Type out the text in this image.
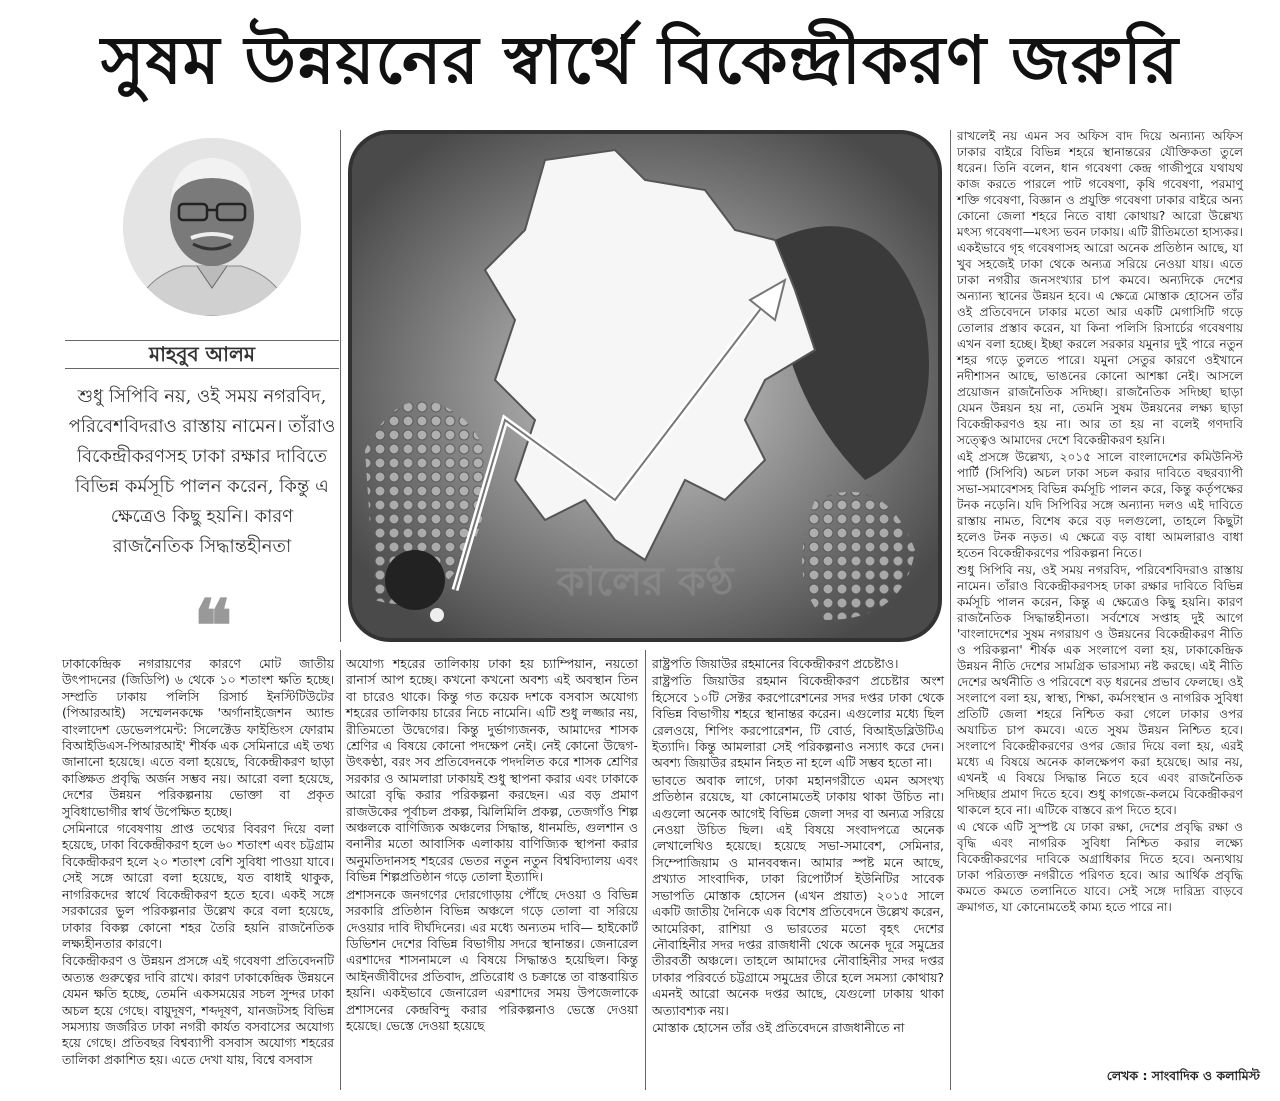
সুষম উন্নয়নের স্বার্থে বিকেন্দ্রীকরণ জরুরি
মাহবুব আলম
শুধু সিপিবি নয়, ওই সময় নগরবিদ, পরিবেশবিদরাও রাস্তায় নামেন। তাঁরাও বিকেন্দ্রীকরণসহ ঢাকা রক্ষার দাবিতে বিভিন্ন কর্মসূচি পালন করেন, কিন্তু এ ক্ষেত্রেও কিছু হয়নি। কারণ রাজনৈতিক সিদ্ধান্তহীনতা
❝
কালের কণ্ঠ

ঢাকাকেন্দ্রিক নগরায়ণের কারণে মোট জাতীয় উৎপাদনের (জিডিপি) ৬ থেকে ১০ শতাংশ ক্ষতি হচ্ছে। সম্প্রতি ঢাকায় পলিসি রিসার্চ ইনস্টিটিউটের (পিআরআই) সম্মেলনকক্ষে 'অর্গানাইজেশন অ্যান্ড বাংলাদেশ ডেভেলপমেন্ট: সিলেক্টেড ফাইন্ডিংস ফোরাম বিআইডিএস-পিআরআই' শীর্ষক এক সেমিনারে এই তথ্য জানানো হয়েছে। এতে বলা হয়েছে, বিকেন্দ্রীকরণ ছাড়া কাঙ্ক্ষিত প্রবৃদ্ধি অর্জন সম্ভব নয়। আরো বলা হয়েছে, দেশের উন্নয়ন পরিকল্পনায় ভোক্তা বা প্রকৃত সুবিধাভোগীর স্বার্থ উপেক্ষিত হচ্ছে।

সেমিনারে গবেষণায় প্রাপ্ত তথ্যের বিবরণ দিয়ে বলা হয়েছে, ঢাকা বিকেন্দ্রীকরণ হলে ৬০ শতাংশ এবং চট্টগ্রাম বিকেন্দ্রীকরণ হলে ২০ শতাংশ বেশি সুবিধা পাওয়া যাবে। সেই সঙ্গে আরো বলা হয়েছে, যত বাধাই থাকুক, নাগরিকদের স্বার্থে বিকেন্দ্রীকরণ হতে হবে। একই সঙ্গে সরকারের ভুল পরিকল্পনার উল্লেখ করে বলা হয়েছে, ঢাকার বিকল্প কোনো শহর তৈরি হয়নি রাজনৈতিক লক্ষ্যহীনতার কারণে।

বিকেন্দ্রীকরণ ও উন্নয়ন প্রসঙ্গে এই গবেষণা প্রতিবেদনটি অত্যন্ত গুরুত্বের দাবি রাখে। কারণ ঢাকাকেন্দ্রিক উন্নয়নে যেমন ক্ষতি হচ্ছে, তেমনি একসময়ের সচল সুন্দর ঢাকা অচল হয়ে গেছে। বায়ুদূষণ, শব্দদূষণ, যানজটসহ বিভিন্ন সমস্যায় জর্জরিত ঢাকা নগরী কার্যত বসবাসের অযোগ্য হয়ে গেছে। প্রতিবছর বিশ্বব্যাপী বসবাস অযোগ্য শহরের তালিকা প্রকাশিত হয়। এতে দেখা যায়, বিশ্বে বসবাস

অযোগ্য শহরের তালিকায় ঢাকা হয় চ্যাম্পিয়ান, নয়তো রানার্স আপ হচ্ছে। কখনো কখনো অবশ্য এই অবস্থান তিন বা চারেও থাকে। কিন্তু গত কয়েক দশকে বসবাস অযোগ্য শহরের তালিকায় চারের নিচে নামেনি। এটি শুধু লজ্জার নয়, রীতিমতো উদ্বেগের। কিন্তু দুর্ভাগ্যজনক, আমাদের শাসক শ্রেণির এ বিষয়ে কোনো পদক্ষেপ নেই। নেই কোনো উদ্বেগ-উৎকণ্ঠা, বরং সব প্রতিবেদনকে পদদলিত করে শাসক শ্রেণির সরকার ও আমলারা ঢাকায়ই শুধু স্থাপনা করার এবং ঢাকাকে আরো বৃদ্ধি করার পরিকল্পনা করছেন। এর বড় প্রমাণ রাজউকের পূর্বাচল প্রকল্প, ঝিলিমিলি প্রকল্প, তেজগাঁও শিল্প অঞ্চলকে বাণিজ্যিক অঞ্চলের সিদ্ধান্ত, ধানমন্ডি, গুলশান ও বনানীর মতো আবাসিক এলাকায় বাণিজ্যিক স্থাপনা করার অনুমতিদানসহ শহরের ভেতর নতুন নতুন বিশ্ববিদ্যালয় এবং বিভিন্ন শিল্পপ্রতিষ্ঠান গড়ে তোলা ইত্যাদি।

প্রশাসনকে জনগণের দোরগোড়ায় পৌঁছে দেওয়া ও বিভিন্ন সরকারি প্রতিষ্ঠান বিভিন্ন অঞ্চলে গড়ে তোলা বা সরিয়ে দেওয়ার দাবি দীর্ঘদিনের। এর মধ্যে অন্যতম দাবি— হাইকোর্ট ডিভিশন দেশের বিভিন্ন বিভাগীয় সদরে স্থানান্তর। জেনারেল এরশাদের শাসনামলে এ বিষয়ে সিদ্ধান্তও হয়েছিল। কিন্তু আইনজীবীদের প্রতিবাদ, প্রতিরোধ ও চক্রান্তে তা বাস্তবায়িত হয়নি। একইভাবে জেনারেল এরশাদের সময় উপজেলাকে প্রশাসনের কেন্দ্রবিন্দু করার পরিকল্পনাও ভেস্তে দেওয়া হয়েছে। ভেস্তে দেওয়া হয়েছে

রাষ্ট্রপতি জিয়াউর রহমানের বিকেন্দ্রীকরণ প্রচেষ্টাও।

রাষ্ট্রপতি জিয়াউর রহমান বিকেন্দ্রীকরণ প্রচেষ্টার অংশ হিসেবে ১০টি সেক্টর করপোরেশনের সদর দপ্তর ঢাকা থেকে বিভিন্ন বিভাগীয় শহরে স্থানান্তর করেন। এগুলোর মধ্যে ছিল রেলওয়ে, শিপিং করপোরেশন, টি বোর্ড, বিআইডব্লিউটিএ ইত্যাদি। কিন্তু আমলারা সেই পরিকল্পনাও নস্যাৎ করে দেন। অবশ্য জিয়াউর রহমান নিহত না হলে এটি সম্ভব হতো না।

ভাবতে অবাক লাগে, ঢাকা মহানগরীতে এমন অসংখ্য প্রতিষ্ঠান রয়েছে, যা কোনোমতেই ঢাকায় থাকা উচিত না। এগুলো অনেক আগেই বিভিন্ন জেলা সদর বা অন্যত্র সরিয়ে নেওয়া উচিত ছিল। এই বিষয়ে সংবাদপত্রে অনেক লেখালেখিও হয়েছে। হয়েছে সভা-সমাবেশ, সেমিনার, সিম্পোজিয়াম ও মানববন্ধন। আমার স্পষ্ট মনে আছে, প্রখ্যাত সাংবাদিক, ঢাকা রিপোর্টার্স ইউনিটির সাবেক সভাপতি মোস্তাক হোসেন (এখন প্রয়াত) ২০১৫ সালে একটি জাতীয় দৈনিকে এক বিশেষ প্রতিবেদনে উল্লেখ করেন, আমেরিকা, রাশিয়া ও ভারতের মতো বৃহৎ দেশের নৌবাহিনীর সদর দপ্তর রাজধানী থেকে অনেক দূরে সমুদ্রের তীরবর্তী অঞ্চলে। তাহলে আমাদের নৌবাহিনীর সদর দপ্তর ঢাকার পরিবর্তে চট্টগ্রামে সমুদ্রের তীরে হলে সমস্যা কোথায়? এমনই আরো অনেক দপ্তর আছে, যেগুলো ঢাকায় থাকা অত্যাবশ্যক নয়।

মোস্তাক হোসেন তাঁর ওই প্রতিবেদনে রাজধানীতে না

রাখলেই নয় এমন সব অফিস বাদ দিয়ে অন্যান্য অফিস ঢাকার বাইরে বিভিন্ন শহরে স্থানান্তরের যৌক্তিকতা তুলে ধরেন। তিনি বলেন, ধান গবেষণা কেন্দ্র গাজীপুরে যথাযথ কাজ করতে পারলে পাট গবেষণা, কৃষি গবেষণা, পরমাণু শক্তি গবেষণা, বিজ্ঞান ও প্রযুক্তি গবেষণা ঢাকার বাইরে অন্য কোনো জেলা শহরে নিতে বাধা কোথায়? আরো উল্লেখ্য মৎস্য গবেষণা—মৎস্য ভবন ঢাকায়। এটি রীতিমতো হাস্যকর। একইভাবে গৃহ গবেষণাসহ আরো অনেক প্রতিষ্ঠান আছে, যা খুব সহজেই ঢাকা থেকে অন্যত্র সরিয়ে নেওয়া যায়। এতে ঢাকা নগরীর জনসংখ্যার চাপ কমবে। অন্যদিকে দেশের অন্যান্য স্থানের উন্নয়ন হবে। এ ক্ষেত্রে মোস্তাক হোসেন তাঁর ওই প্রতিবেদনে ঢাকার মতো আর একটি মেগাসিটি গড়ে তোলার প্রস্তাব করেন, যা কিনা পলিসি রিসার্চের গবেষণায় এখন বলা হচ্ছে। ইচ্ছা করলে সরকার যমুনার দুই পারে নতুন শহর গড়ে তুলতে পারে। যমুনা সেতুর কারণে ওইখানে নদীশাসন আছে, ভাঙনের কোনো আশঙ্কা নেই। আসলে প্রয়োজন রাজনৈতিক সদিচ্ছা। রাজনৈতিক সদিচ্ছা ছাড়া যেমন উন্নয়ন হয় না, তেমনি সুষম উন্নয়নের লক্ষ্য ছাড়া বিকেন্দ্রীকরণও হয় না। আর তা হয় না বলেই গণদাবি সত্ত্বেও আমাদের দেশে বিকেন্দ্রীকরণ হয়নি।

এই প্রসঙ্গে উল্লেখ্য, ২০১৫ সালে বাংলাদেশের কমিউনিস্ট পার্টি (সিপিবি) অচল ঢাকা সচল করার দাবিতে বছরব্যাপী সভা-সমাবেশসহ বিভিন্ন কর্মসূচি পালন করে, কিন্তু কর্তৃপক্ষের টনক নড়েনি। যদি সিপিবির সঙ্গে অন্যান্য দলও এই দাবিতে রাস্তায় নামত, বিশেষ করে বড় দলগুলো, তাহলে কিছুটা হলেও টনক নড়ত। এ ক্ষেত্রে বড় বাধা আমলারাও বাধা হতেন বিকেন্দ্রীকরণের পরিকল্পনা নিতে।

শুধু সিপিবি নয়, ওই সময় নগরবিদ, পরিবেশবিদরাও রাস্তায় নামেন। তাঁরাও বিকেন্দ্রীকরণসহ ঢাকা রক্ষার দাবিতে বিভিন্ন কর্মসূচি পালন করেন, কিন্তু এ ক্ষেত্রেও কিছু হয়নি। কারণ রাজনৈতিক সিদ্ধান্তহীনতা। সর্বশেষে সপ্তাহ দুই আগে 'বাংলাদেশের সুষম নগরায়ণ ও উন্নয়নের বিকেন্দ্রীকরণ নীতি ও পরিকল্পনা' শীর্ষক এক সংলাপে বলা হয়, ঢাকাকেন্দ্রিক উন্নয়ন নীতি দেশের সামগ্রিক ভারসাম্য নষ্ট করছে। এই নীতি দেশের অর্থনীতি ও পরিবেশে বড় ধরনের প্রভাব ফেলছে। ওই সংলাপে বলা হয়, স্বাস্থ্য, শিক্ষা, কর্মসংস্থান ও নাগরিক সুবিধা প্রতিটি জেলা শহরে নিশ্চিত করা গেলে ঢাকার ওপর অযাচিত চাপ কমবে। এতে সুষম উন্নয়ন নিশ্চিত হবে। সংলাপে বিকেন্দ্রীকরণের ওপর জোর দিয়ে বলা হয়, এরই মধ্যে এ বিষয়ে অনেক কালক্ষেপণ করা হয়েছে। আর নয়, এখনই এ বিষয়ে সিদ্ধান্ত নিতে হবে এবং রাজনৈতিক সদিচ্ছার প্রমাণ দিতে হবে। শুধু কাগজে-কলমে বিকেন্দ্রীকরণ থাকলে হবে না। এটিকে বাস্তবে রূপ দিতে হবে।

এ থেকে এটি সুস্পষ্ট যে ঢাকা রক্ষা, দেশের প্রবৃদ্ধি রক্ষা ও বৃদ্ধি এবং নাগরিক সুবিধা নিশ্চিত করার লক্ষ্যে বিকেন্দ্রীকরণের দাবিকে অগ্রাধিকার দিতে হবে। অন্যথায় ঢাকা পরিত্যক্ত নগরীতে পরিণত হবে। আর আর্থিক প্রবৃদ্ধি কমতে কমতে তলানিতে যাবে। সেই সঙ্গে দারিদ্র্য বাড়বে ক্রমাগত, যা কোনোমতেই কাম্য হতে পারে না।

লেখক : সাংবাদিক ও কলামিস্ট
